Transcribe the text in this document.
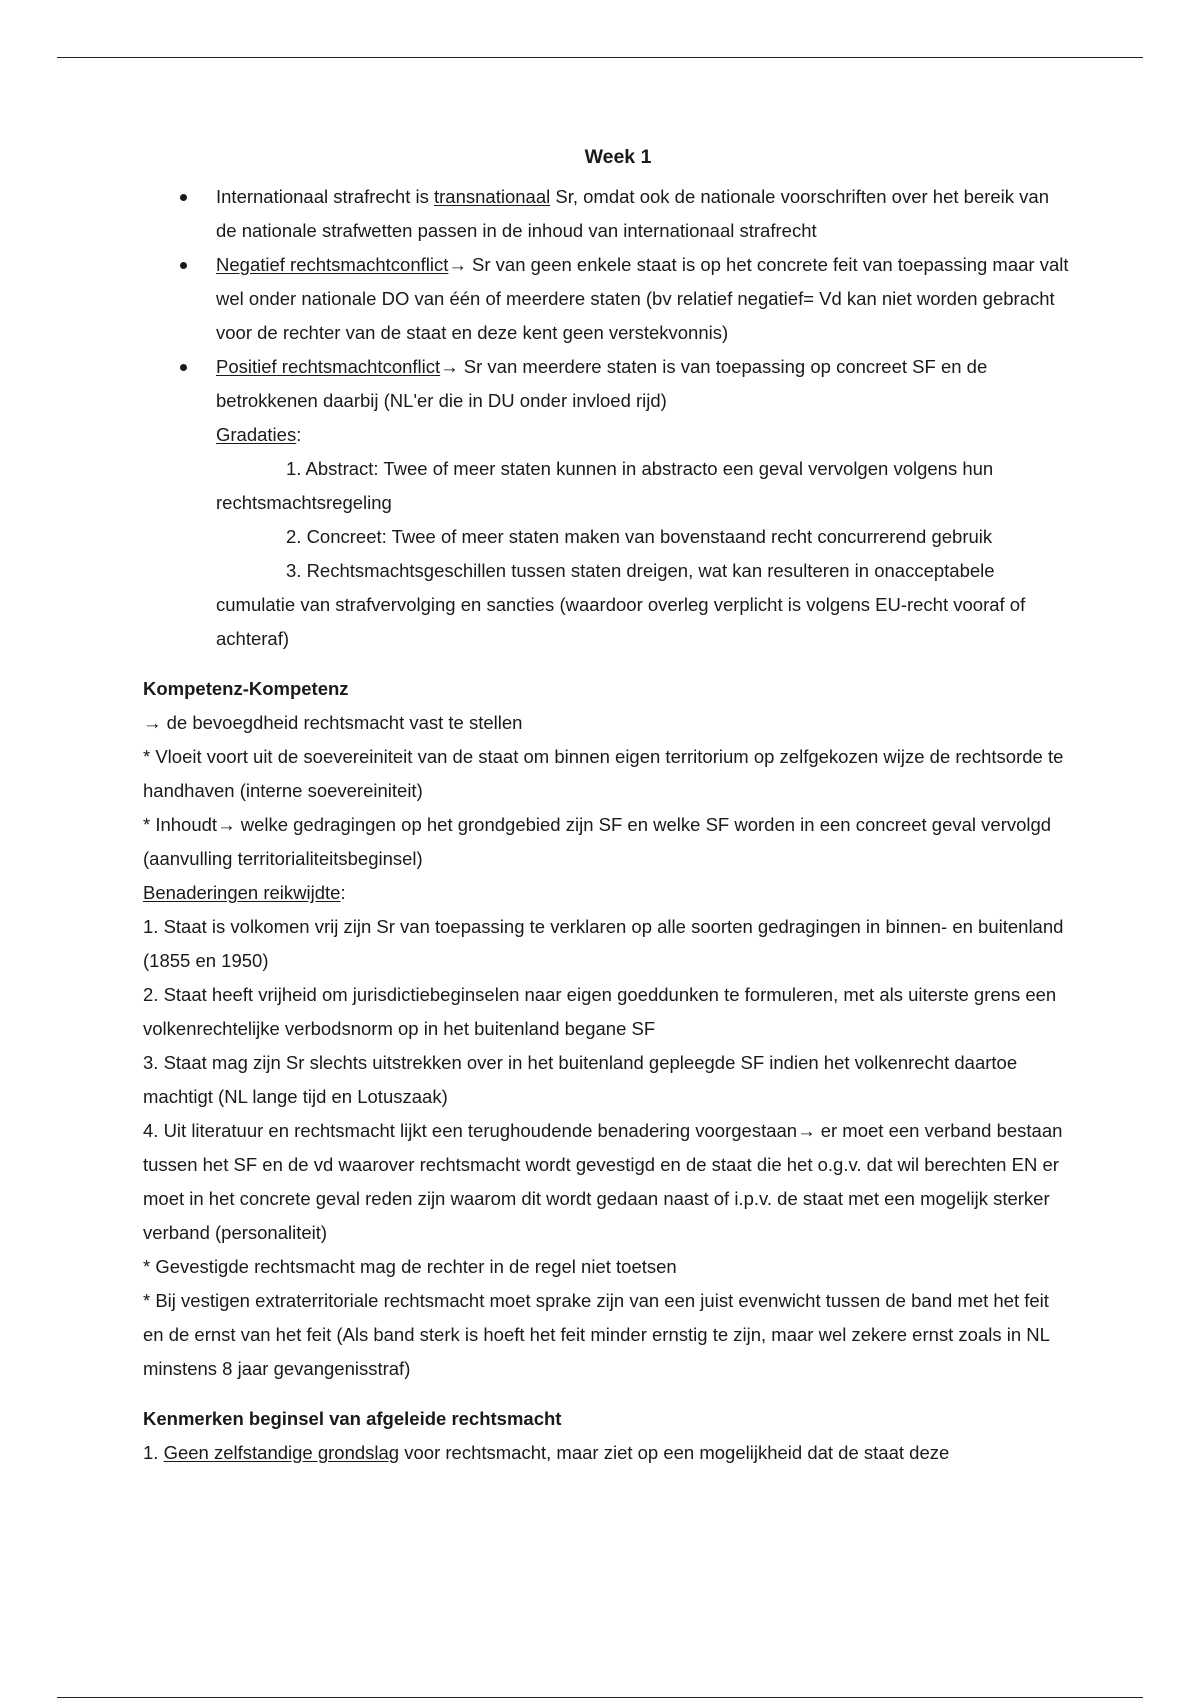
Week 1
Internationaal strafrecht is transnationaal Sr, omdat ook de nationale voorschriften over het bereik van de nationale strafwetten passen in de inhoud van internationaal strafrecht
Negatief rechtsmachtconflict→ Sr van geen enkele staat is op het concrete feit van toepassing maar valt wel onder nationale DO van één of meerdere staten (bv relatief negatief= Vd kan niet worden gebracht voor de rechter van de staat en deze kent geen verstekvonnis)
Positief rechtsmachtconflict→ Sr van meerdere staten is van toepassing op concreet SF en de betrokkenen daarbij (NL'er die in DU onder invloed rijd)
Gradaties:
1. Abstract: Twee of meer staten kunnen in abstracto een geval vervolgen volgens hun rechtsmachtsregeling
2. Concreet: Twee of meer staten maken van bovenstaand recht concurrerend gebruik
3. Rechtsmachtsgeschillen tussen staten dreigen, wat kan resulteren in onacceptabele cumulatie van strafvervolging en sancties (waardoor overleg verplicht is volgens EU-recht vooraf of achteraf)
Kompetenz-Kompetenz
→ de bevoegdheid rechtsmacht vast te stellen
* Vloeit voort uit de soevereiniteit van de staat om binnen eigen territorium op zelfgekozen wijze de rechtsorde te handhaven (interne soevereiniteit)
* Inhoudt→ welke gedragingen op het grondgebied zijn SF en welke SF worden in een concreet geval vervolgd (aanvulling territorialiteitsbeginsel)
Benaderingen reikwijdte:
1. Staat is volkomen vrij zijn Sr van toepassing te verklaren op alle soorten gedragingen in binnen- en buitenland (1855 en 1950)
2. Staat heeft vrijheid om jurisdictiebeginselen naar eigen goeddunken te formuleren, met als uiterste grens een volkenrechtelijke verbodsnorm op in het buitenland begane SF
3. Staat mag zijn Sr slechts uitstrekken over in het buitenland gepleegde SF indien het volkenrecht daartoe machtigt (NL lange tijd en Lotuszaak)
4. Uit literatuur en rechtsmacht lijkt een terughoudende benadering voorgestaan→ er moet een verband bestaan tussen het SF en de vd waarover rechtsmacht wordt gevestigd en de staat die het o.g.v. dat wil berechten EN er moet in het concrete geval reden zijn waarom dit wordt gedaan naast of i.p.v. de staat met een mogelijk sterker verband (personaliteit)
* Gevestigde rechtsmacht mag de rechter in de regel niet toetsen
* Bij vestigen extraterritoriale rechtsmacht moet sprake zijn van een juist evenwicht tussen de band met het feit en de ernst van het feit (Als band sterk is hoeft het feit minder ernstig te zijn, maar wel zekere ernst zoals in NL minstens 8 jaar gevangenisstraf)
Kenmerken beginsel van afgeleide rechtsmacht
1. Geen zelfstandige grondslag voor rechtsmacht, maar ziet op een mogelijkheid dat de staat deze
